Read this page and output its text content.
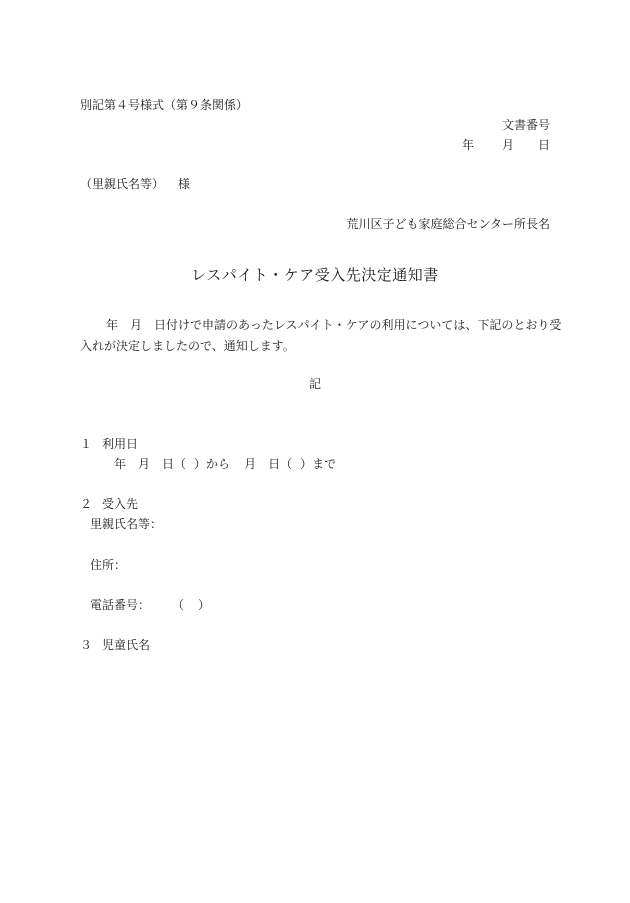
別記第４号様式（第９条関係）
文書番号
年 月 日
（里親氏名等） 様
荒川区子ども家庭総合センター所長名
レスパイト・ケア受入先決定通知書
年 月 日付けで申請のあったレスパイト・ケアの利用については、下記のとおり受
入れが決定しましたので、通知します。
記
１ 利用日
年 月 日（ ）から 月 日（ ）まで
２ 受入先
里親氏名等：
住所：
電話番号： （ ）
３ 児童氏名
